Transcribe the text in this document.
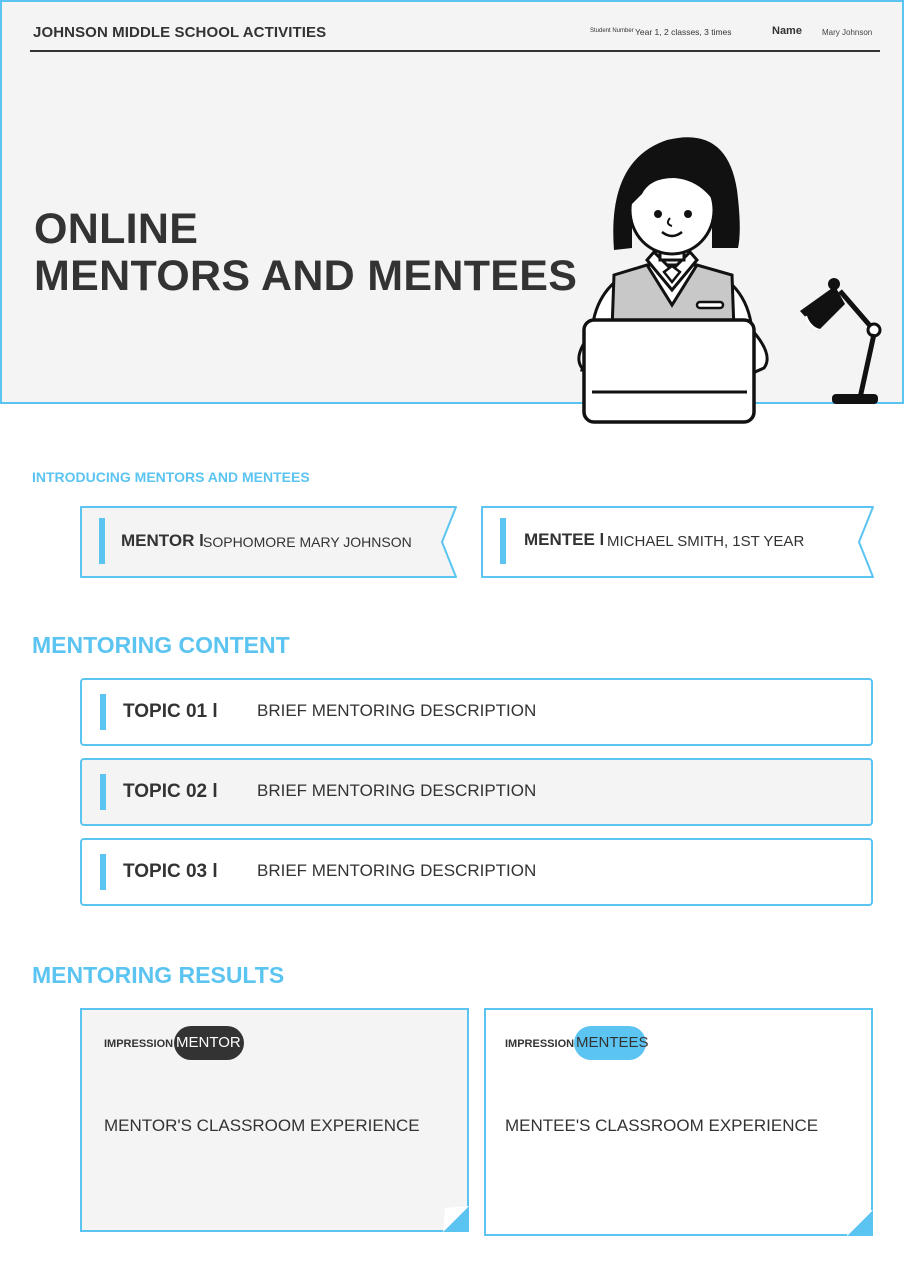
JOHNSON MIDDLE SCHOOL ACTIVITIES	Student Number Year 1, 2 classes, 3 times	Name	Mary Johnson
ONLINE
MENTORS AND MENTEES
INTRODUCING MENTORS AND MENTEES
MENTOR l SOPHOMORE MARY JOHNSON	MENTEE l MICHAEL SMITH, 1ST YEAR
MENTORING CONTENT
TOPIC 01 l BRIEF MENTORING DESCRIPTION
TOPIC 02 l BRIEF MENTORING DESCRIPTION
TOPIC 03 l BRIEF MENTORING DESCRIPTION
MENTORING RESULTS
IMPRESSION MENTOR
MENTOR'S CLASSROOM EXPERIENCE
IMPRESSION MENTEES
MENTEE'S CLASSROOM EXPERIENCE
